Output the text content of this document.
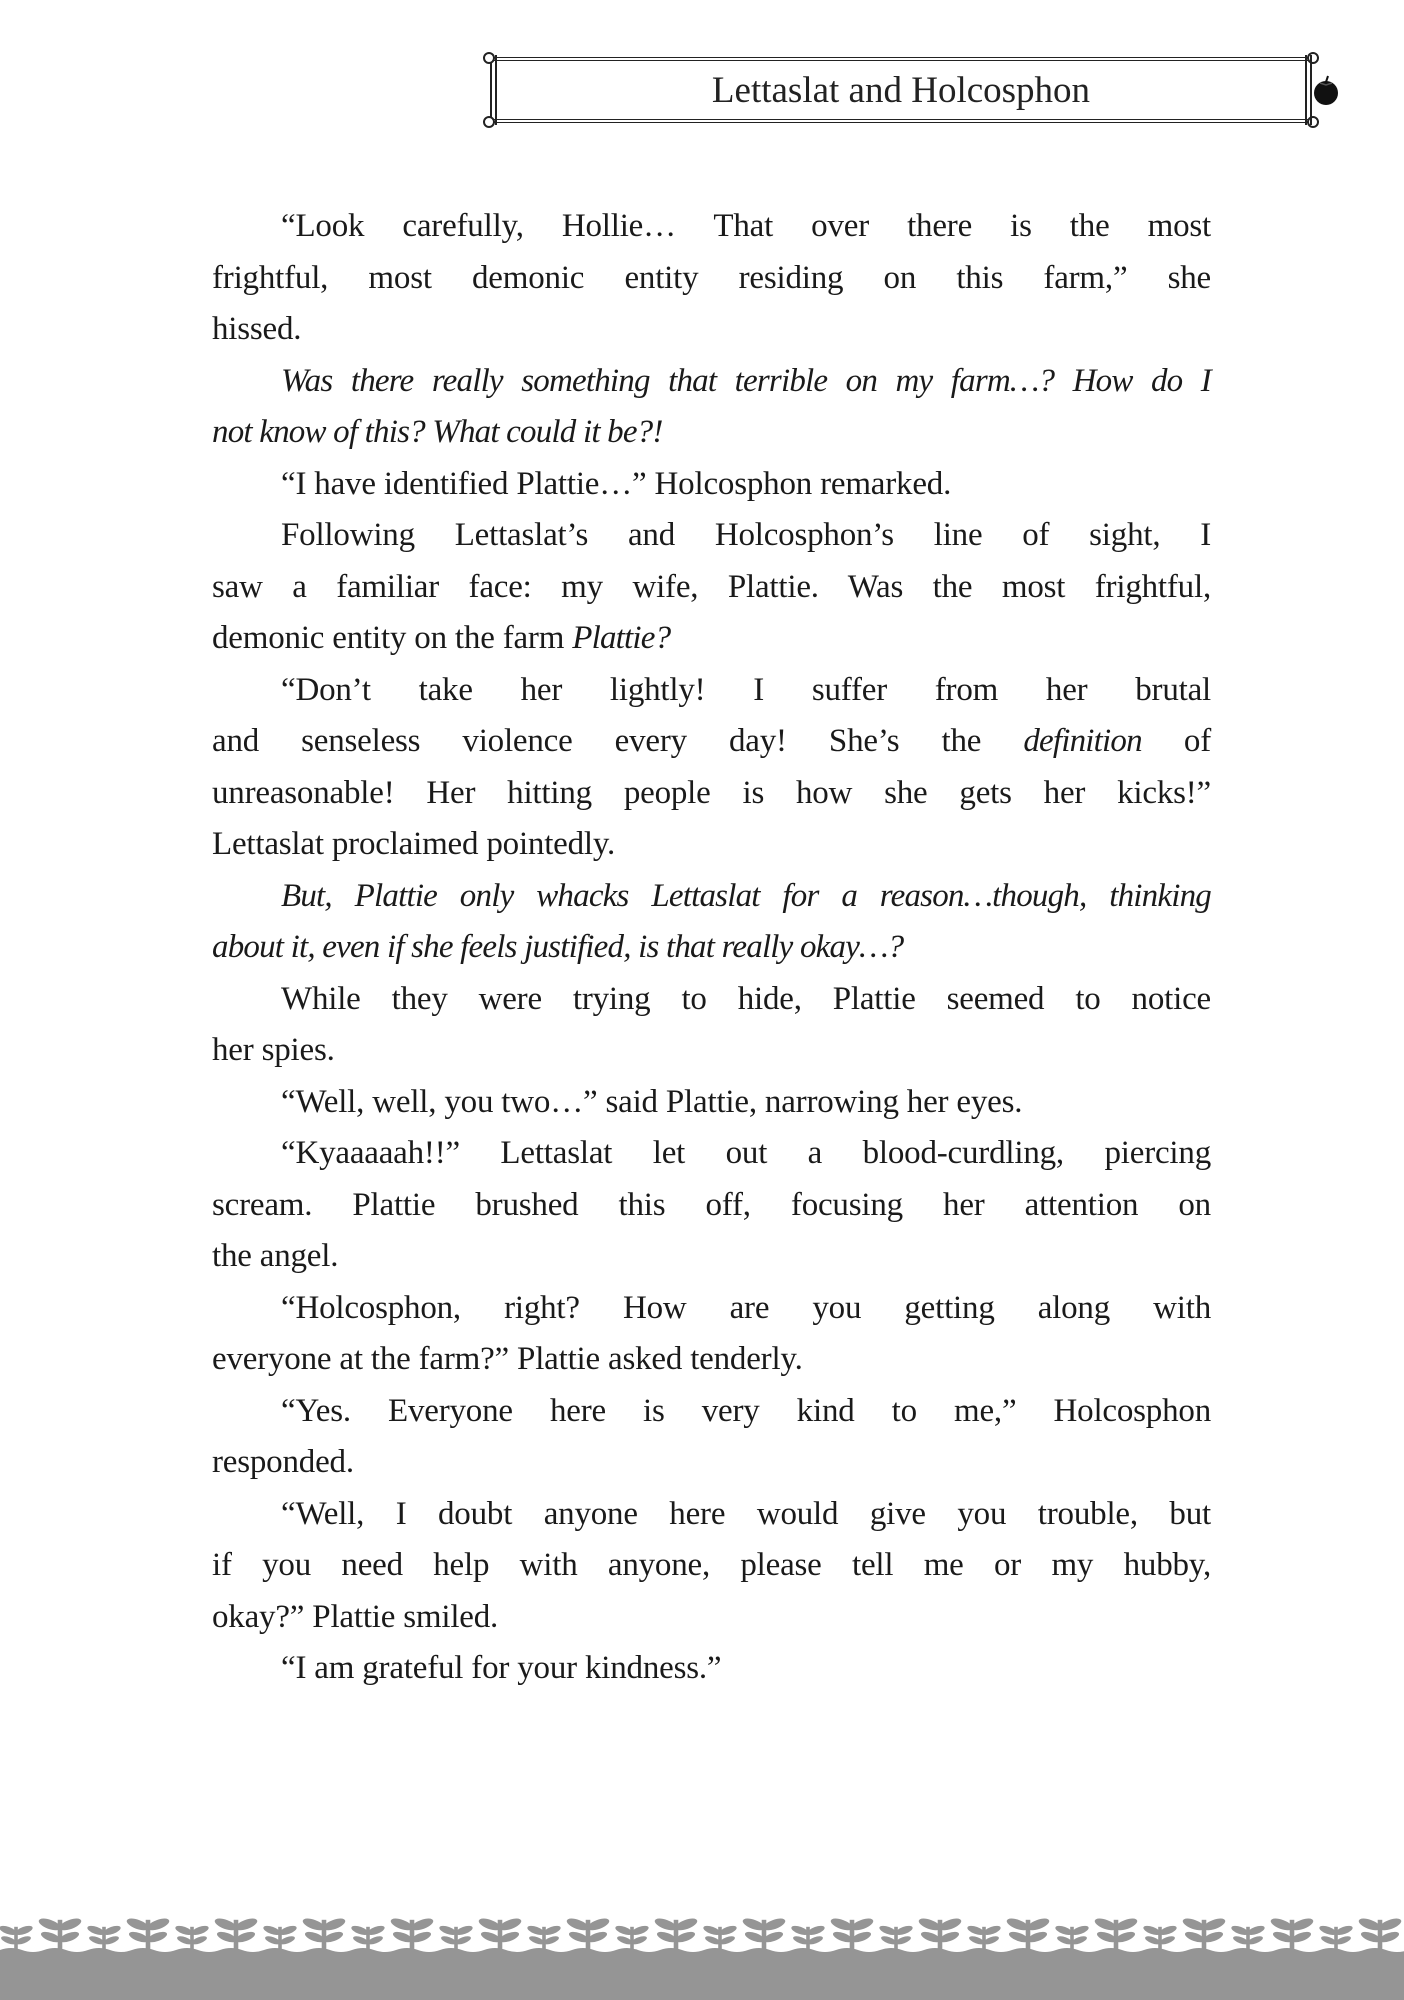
Lettaslat and Holcosphon
“Look carefully, Hollie… That over there is the most
frightful, most demonic entity residing on this farm,” she
hissed.
Was there really something that terrible on my farm…? How do I
not know of this? What could it be?!
“I have identified Plattie…” Holcosphon remarked.
Following Lettaslat’s and Holcosphon’s line of sight, I
saw a familiar face: my wife, Plattie. Was the most frightful,
demonic entity on the farm Plattie?
“Don’t take her lightly! I suffer from her brutal
and senseless violence every day! She’s the definition of
unreasonable! Her hitting people is how she gets her kicks!”
Lettaslat proclaimed pointedly.
But, Plattie only whacks Lettaslat for a reason…though, thinking
about it, even if she feels justified, is that really okay…?
While they were trying to hide, Plattie seemed to notice
her spies.
“Well, well, you two…” said Plattie, narrowing her eyes.
“Kyaaaaah!!” Lettaslat let out a blood-curdling, piercing
scream. Plattie brushed this off, focusing her attention on
the angel.
“Holcosphon, right? How are you getting along with
everyone at the farm?” Plattie asked tenderly.
“Yes. Everyone here is very kind to me,” Holcosphon
responded.
“Well, I doubt anyone here would give you trouble, but
if you need help with anyone, please tell me or my hubby,
okay?” Plattie smiled.
“I am grateful for your kindness.”
